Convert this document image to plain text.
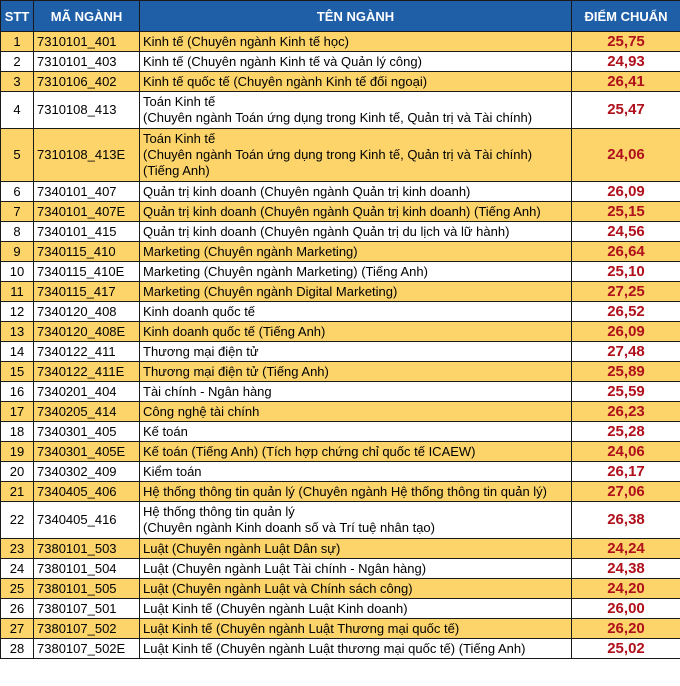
STT	MÃ NGÀNH	TÊN NGÀNH	ĐIỂM CHUẨN
1	7310101_401	Kinh tế (Chuyên ngành Kinh tế học)	25,75
2	7310101_403	Kinh tế (Chuyên ngành Kinh tế và Quản lý công)	24,93
3	7310106_402	Kinh tế quốc tế (Chuyên ngành Kinh tế đối ngoại)	26,41
4	7310108_413	Toán Kinh tế
(Chuyên ngành Toán ứng dụng trong Kinh tế, Quản trị và Tài chính)	25,47
5	7310108_413E	Toán Kinh tế
(Chuyên ngành Toán ứng dụng trong Kinh tế, Quản trị và Tài chính)
(Tiếng Anh)	24,06
6	7340101_407	Quản trị kinh doanh (Chuyên ngành Quản trị kinh doanh)	26,09
7	7340101_407E	Quản trị kinh doanh (Chuyên ngành Quản trị kinh doanh) (Tiếng Anh)	25,15
8	7340101_415	Quản trị kinh doanh (Chuyên ngành Quản trị du lịch và lữ hành)	24,56
9	7340115_410	Marketing (Chuyên ngành Marketing)	26,64
10	7340115_410E	Marketing (Chuyên ngành Marketing) (Tiếng Anh)	25,10
11	7340115_417	Marketing (Chuyên ngành Digital Marketing)	27,25
12	7340120_408	Kinh doanh quốc tế	26,52
13	7340120_408E	Kinh doanh quốc tế (Tiếng Anh)	26,09
14	7340122_411	Thương mại điện tử	27,48
15	7340122_411E	Thương mại điện tử (Tiếng Anh)	25,89
16	7340201_404	Tài chính - Ngân hàng	25,59
17	7340205_414	Công nghệ tài chính	26,23
18	7340301_405	Kế toán	25,28
19	7340301_405E	Kế toán (Tiếng Anh) (Tích hợp chứng chỉ quốc tế ICAEW)	24,06
20	7340302_409	Kiểm toán	26,17
21	7340405_406	Hệ thống thông tin quản lý (Chuyên ngành Hệ thống thông tin quản lý)	27,06
22	7340405_416	Hệ thống thông tin quản lý
(Chuyên ngành Kinh doanh số và Trí tuệ nhân tạo)	26,38
23	7380101_503	Luật (Chuyên ngành Luật Dân sự)	24,24
24	7380101_504	Luật (Chuyên ngành Luật Tài chính - Ngân hàng)	24,38
25	7380101_505	Luật (Chuyên ngành Luật và Chính sách công)	24,20
26	7380107_501	Luật Kinh tế (Chuyên ngành Luật Kinh doanh)	26,00
27	7380107_502	Luật Kinh tế (Chuyên ngành Luật Thương mại quốc tế)	26,20
28	7380107_502E	Luật Kinh tế (Chuyên ngành Luật thương mại quốc tế) (Tiếng Anh)	25,02
